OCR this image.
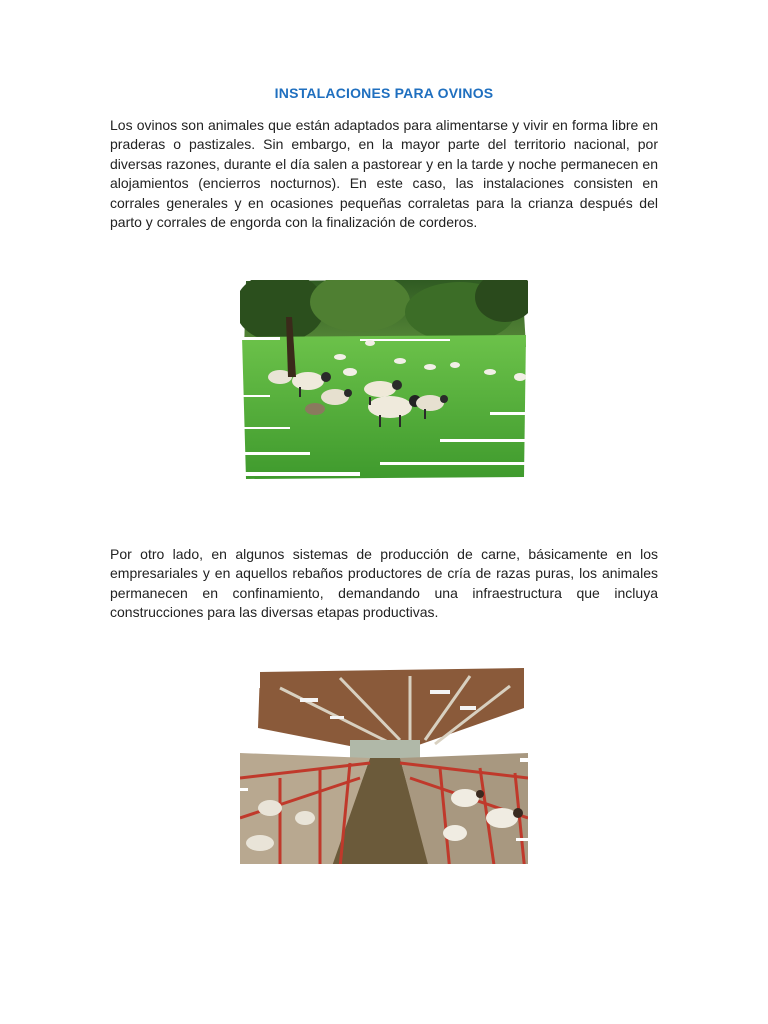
INSTALACIONES PARA OVINOS

Los ovinos son animales que están adaptados para alimentarse y vivir en forma libre en praderas o pastizales. Sin embargo, en la mayor parte del territorio nacional, por diversas razones, durante el día salen a pastorear y en la tarde y noche permanecen en alojamientos (encierros nocturnos). En este caso, las instalaciones consisten en corrales generales y en ocasiones pequeñas corraletas para la crianza después del parto y corrales de engorda con la finalización de corderos.

Por otro lado, en algunos sistemas de producción de carne, básicamente en los empresariales y en aquellos rebaños productores de cría de razas puras, los animales permanecen en confinamiento, demandando una infraestructura que incluya construcciones para las diversas etapas productivas.
